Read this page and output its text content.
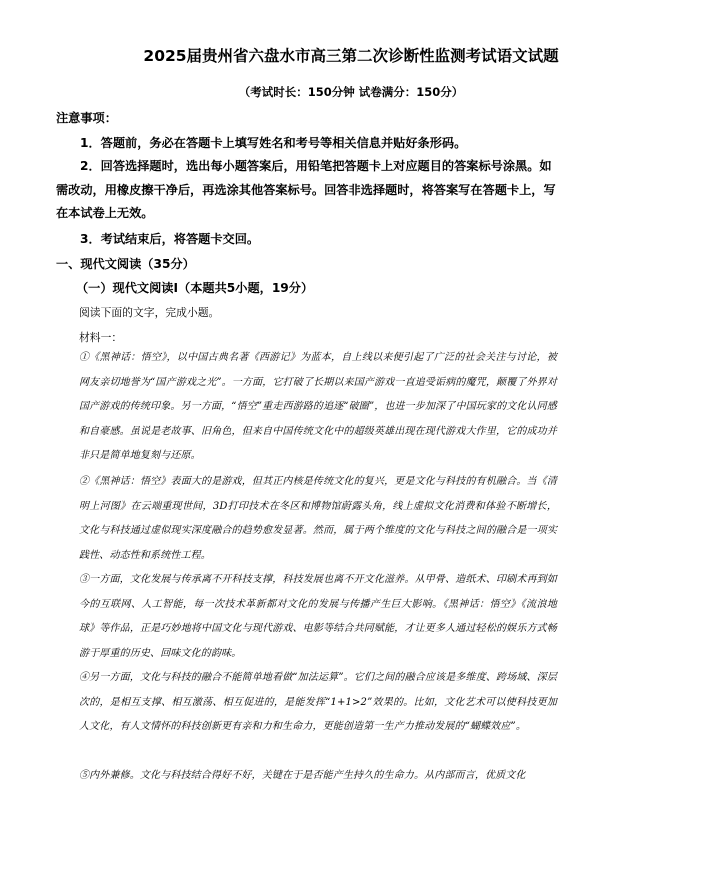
2025届贵州省六盘水市高三第二次诊断性监测考试语文试题
（考试时长：150分钟 试卷满分：150分）
注意事项：
1．答题前，务必在答题卡上填写姓名和考号等相关信息并贴好条形码。
2．回答选择题时，选出每小题答案后，用铅笔把答题卡上对应题目的答案标号涂黑。如需改动，用橡皮擦干净后，再选涂其他答案标号。回答非选择题时，将答案写在答题卡上，写在本试卷上无效。
3．考试结束后，将答题卡交回。
一、现代文阅读（35分）
（一）现代文阅读Ⅰ（本题共5小题，19分）
阅读下面的文字，完成小题。
材料一：
①《黑神话：悟空》，以中国古典名著《西游记》为蓝本，自上线以来便引起了广泛的社会关注与讨论，被网友亲切地誉为“国产游戏之光”。一方面，它打破了长期以来国产游戏一直追受诟病的魔咒，颠覆了外界对国产游戏的传统印象。另一方面，“悟空”重走西游路的追逐“破圈”，也进一步加深了中国玩家的文化认同感和自豪感。虽说是老故事、旧角色，但来自中国传统文化中的超级英雄出现在现代游戏大作里，它的成功并非只是简单地复刻与还原。
②《黑神话：悟空》表面大的是游戏，但其正内核是传统文化的复兴，更是文化与科技的有机融合。当《清明上河图》在云端重现世间，3D打印技术在冬区和博物馆蔚露头角，线上虚拟文化消费和体验不断增长，文化与科技通过虚似现实深度融合的趋势愈发显著。然而，属于两个维度的文化与科技之间的融合是一项实践性、动态性和系统性工程。
③一方面，文化发展与传承离不开科技支撑，科技发展也离不开文化滋养。从甲骨、造纸术、印刷术再到如今的互联网、人工智能，每一次技术革新都对文化的发展与传播产生巨大影响。《黑神话：悟空》《流浪地球》等作品，正是巧妙地将中国文化与现代游戏、电影等结合共同赋能，才让更多人通过轻松的娱乐方式畅游于厚重的历史、回味文化的韵味。
④另一方面，文化与科技的融合不能简单地看做“加法运算”。它们之间的融合应该是多维度、跨场域、深层次的，是相互支撑、相互激荡、相互促进的，是能发挥“1+1>2”效果的。比如，文化艺术可以使科技更加人文化，有人文情怀的科技创新更有亲和力和生命力，更能创造第一生产力推动发展的“蝴蝶效应”。
⑤内外兼修。文化与科技结合得好不好，关键在于是否能产生持久的生命力。从内部而言，优质文化
